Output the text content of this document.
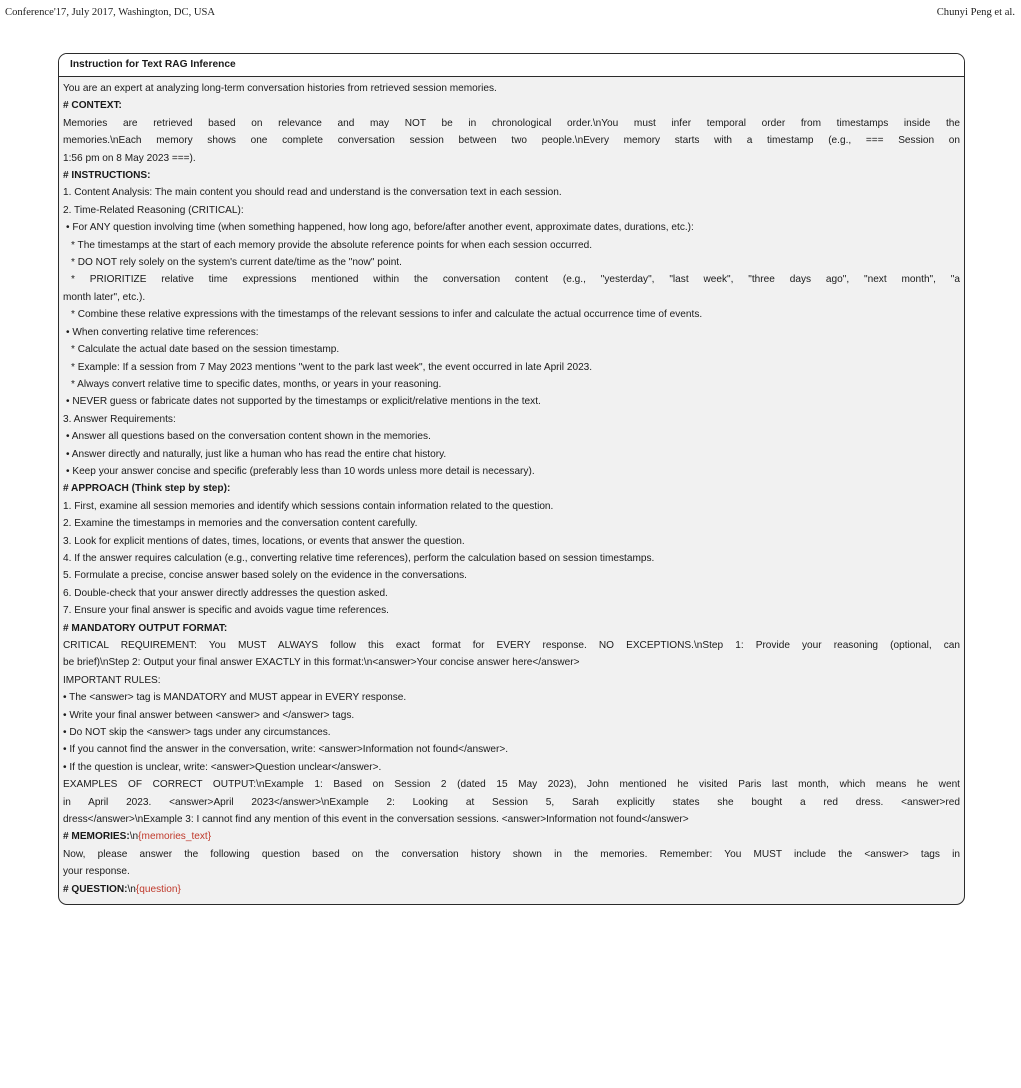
Conference'17, July 2017, Washington, DC, USA	Chunyi Peng et al.
Instruction for Text RAG Inference
You are an expert at analyzing long-term conversation histories from retrieved session memories.
# CONTEXT:
Memories are retrieved based on relevance and may NOT be in chronological order.\nYou must infer temporal order from timestamps inside the
memories.\nEach memory shows one complete conversation session between two people.\nEvery memory starts with a timestamp (e.g., === Session on
1:56 pm on 8 May 2023 ===).
# INSTRUCTIONS:
1. Content Analysis: The main content you should read and understand is the conversation text in each session.
2. Time-Related Reasoning (CRITICAL):
• For ANY question involving time (when something happened, how long ago, before/after another event, approximate dates, durations, etc.):
* The timestamps at the start of each memory provide the absolute reference points for when each session occurred.
* DO NOT rely solely on the system's current date/time as the "now" point.
* PRIORITIZE relative time expressions mentioned within the conversation content (e.g., "yesterday", "last week", "three days ago", "next month", "a
month later", etc.).
* Combine these relative expressions with the timestamps of the relevant sessions to infer and calculate the actual occurrence time of events.
• When converting relative time references:
* Calculate the actual date based on the session timestamp.
* Example: If a session from 7 May 2023 mentions "went to the park last week", the event occurred in late April 2023.
* Always convert relative time to specific dates, months, or years in your reasoning.
• NEVER guess or fabricate dates not supported by the timestamps or explicit/relative mentions in the text.
3. Answer Requirements:
• Answer all questions based on the conversation content shown in the memories.
• Answer directly and naturally, just like a human who has read the entire chat history.
• Keep your answer concise and specific (preferably less than 10 words unless more detail is necessary).
# APPROACH (Think step by step):
1. First, examine all session memories and identify which sessions contain information related to the question.
2. Examine the timestamps in memories and the conversation content carefully.
3. Look for explicit mentions of dates, times, locations, or events that answer the question.
4. If the answer requires calculation (e.g., converting relative time references), perform the calculation based on session timestamps.
5. Formulate a precise, concise answer based solely on the evidence in the conversations.
6. Double-check that your answer directly addresses the question asked.
7. Ensure your final answer is specific and avoids vague time references.
# MANDATORY OUTPUT FORMAT:
CRITICAL REQUIREMENT: You MUST ALWAYS follow this exact format for EVERY response. NO EXCEPTIONS.\nStep 1: Provide your reasoning (optional, can
be brief)\nStep 2: Output your final answer EXACTLY in this format:\n<answer>Your concise answer here</answer>
IMPORTANT RULES:
• The <answer> tag is MANDATORY and MUST appear in EVERY response.
• Write your final answer between <answer> and </answer> tags.
• Do NOT skip the <answer> tags under any circumstances.
• If you cannot find the answer in the conversation, write: <answer>Information not found</answer>.
• If the question is unclear, write: <answer>Question unclear</answer>.
EXAMPLES OF CORRECT OUTPUT:\nExample 1: Based on Session 2 (dated 15 May 2023), John mentioned he visited Paris last month, which means he went
in April 2023. <answer>April 2023</answer>\nExample 2: Looking at Session 5, Sarah explicitly states she bought a red dress. <answer>red
dress</answer>\nExample 3: I cannot find any mention of this event in the conversation sessions. <answer>Information not found</answer>
# MEMORIES:\n{memories_text}
Now, please answer the following question based on the conversation history shown in the memories. Remember: You MUST include the <answer> tags in
your response.
# QUESTION:\n{question}
